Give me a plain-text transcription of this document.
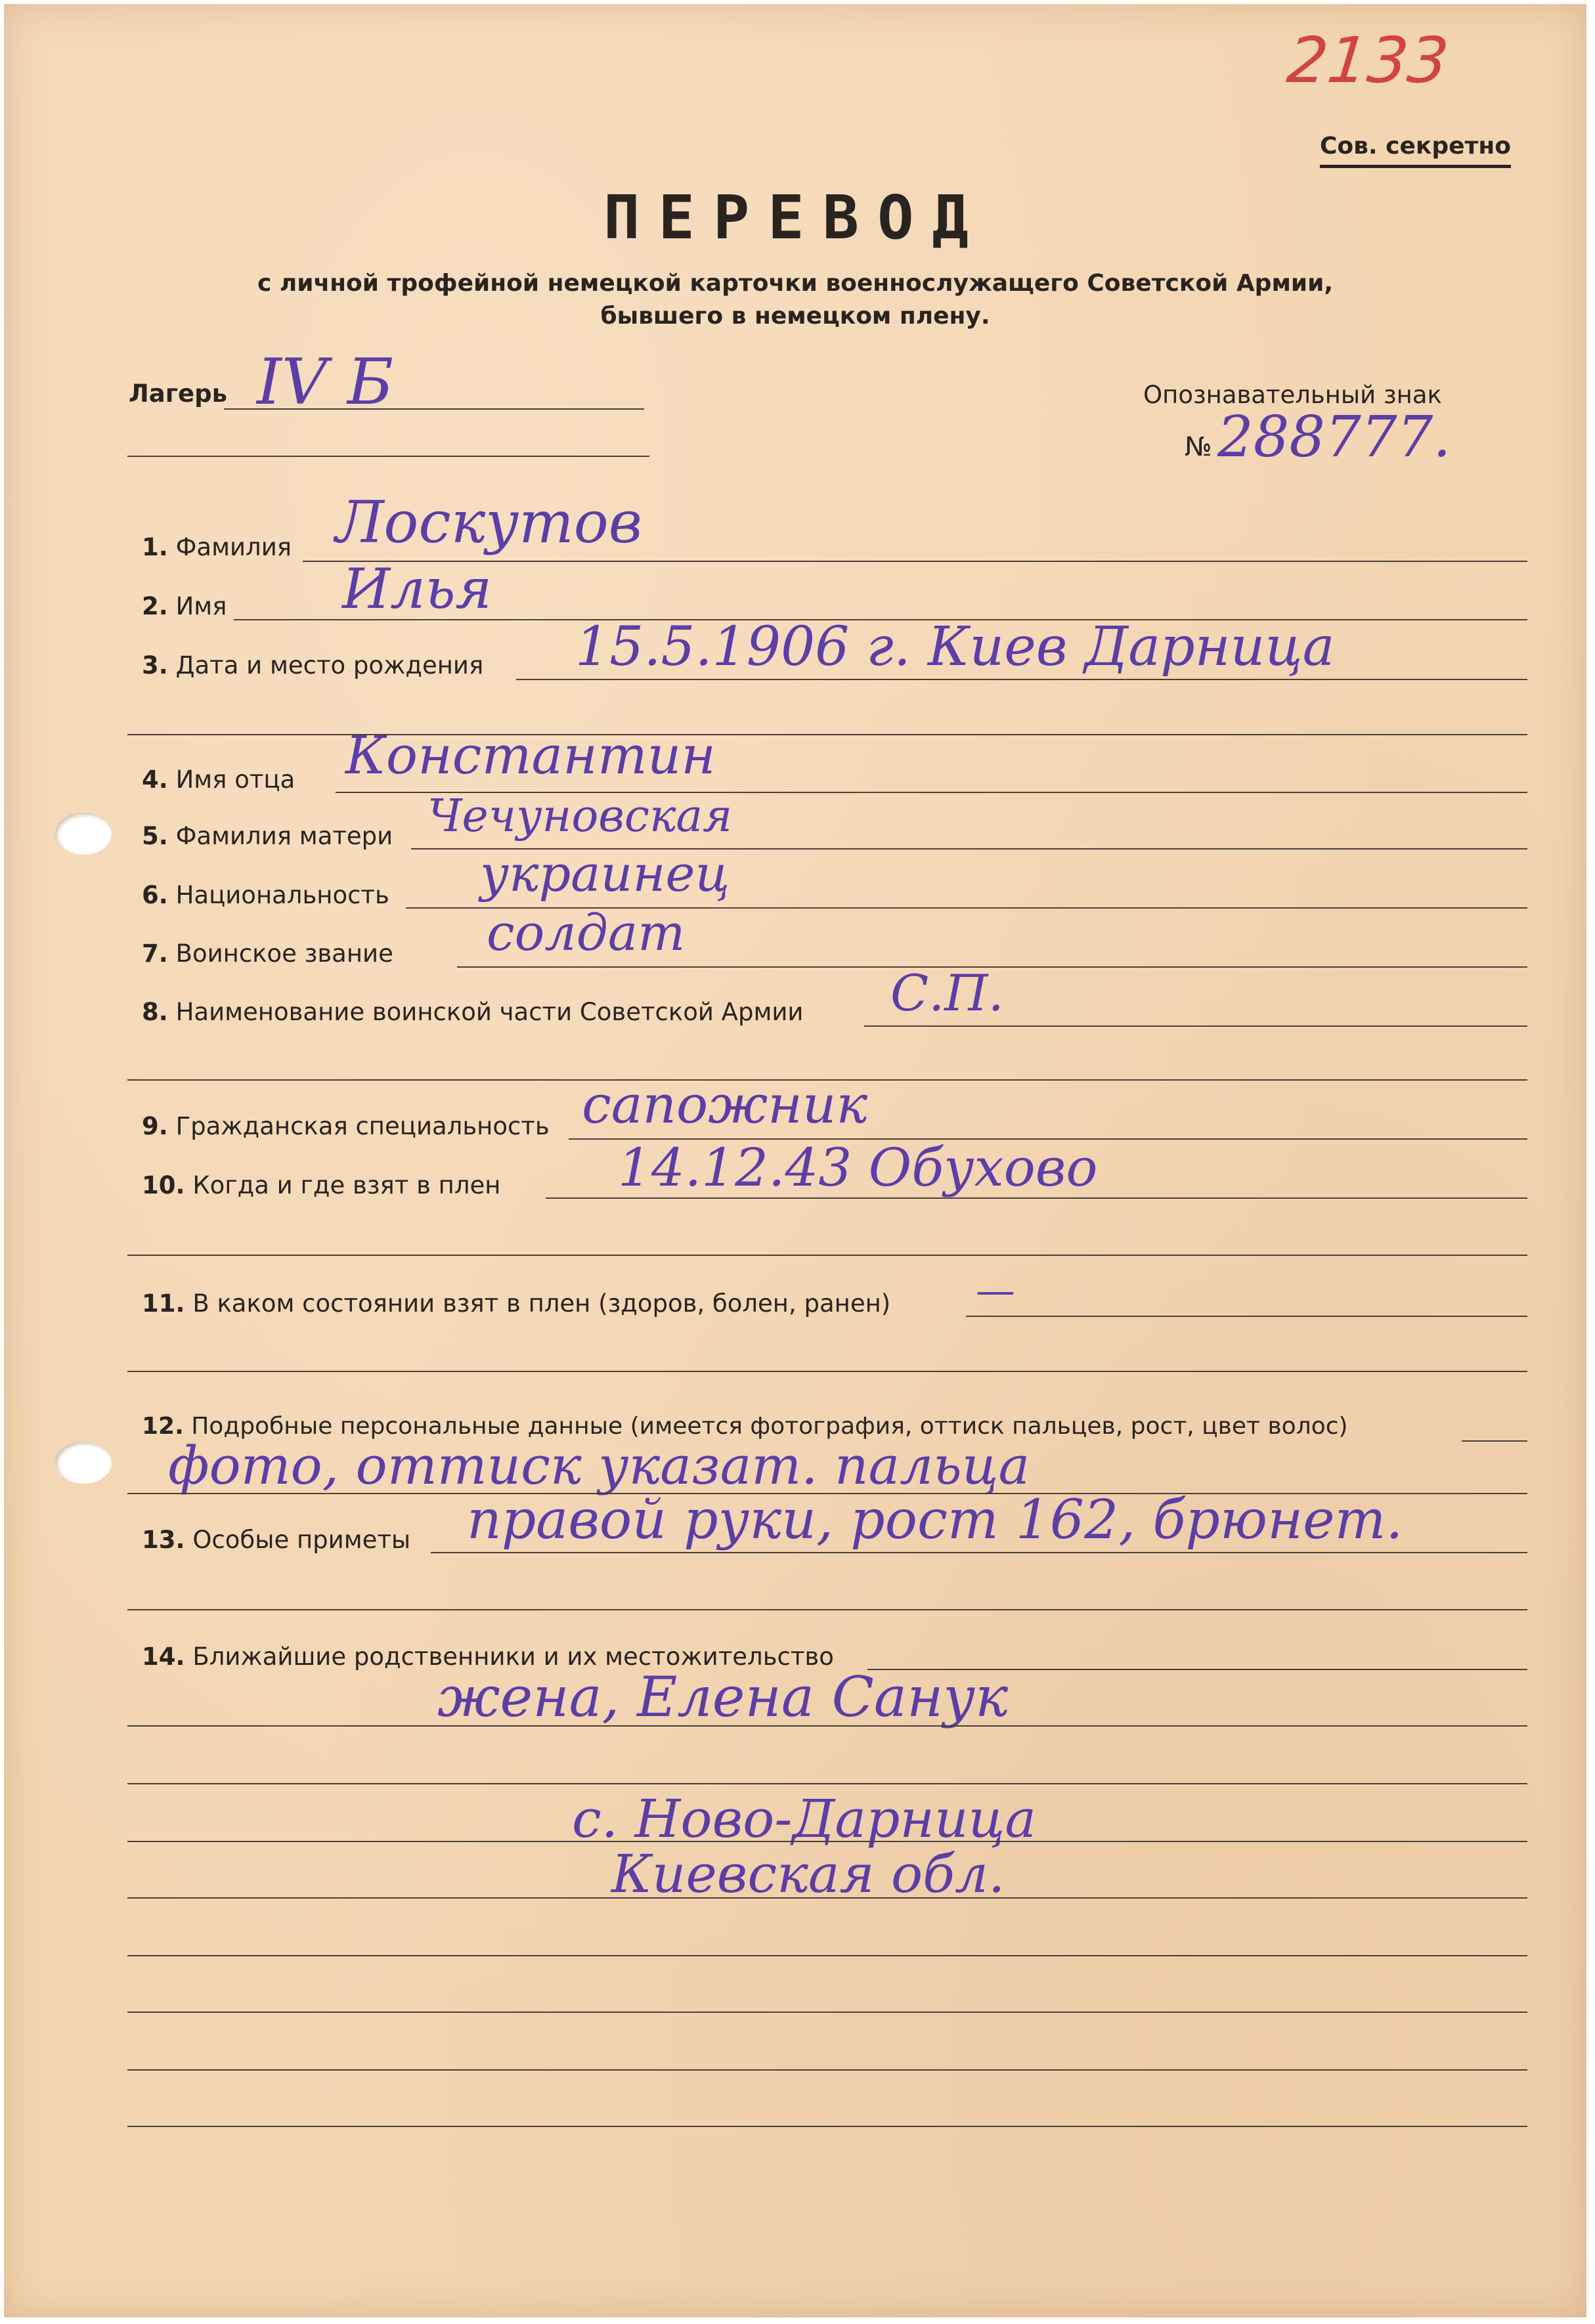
2133
Сов. секретно
ПЕРЕВОД
с личной трофейной немецкой карточки военнослужащего Советской Армии,
бывшего в немецком плену.
Лагерь IV Б	Опознавательный знак
№ 288777.
1. Фамилия Лоскутов
2. Имя Илья
3. Дата и место рождения 15.5.1906 г. Киев Дарница
4. Имя отца Константин
5. Фамилия матери Чечуновская
6. Национальность украинец
7. Воинское звание солдат
8. Наименование воинской части Советской Армии С.П.
9. Гражданская специальность сапожник
10. Когда и где взят в плен 14.12.43 Обухово
11. В каком состоянии взят в плен (здоров, болен, ранен) —
12. Подробные персональные данные (имеется фотография, оттиск пальцев, рост, цвет волос)
фото, оттиск указат. пальца
13. Особые приметы правой руки, рост 162, брюнет.
14. Ближайшие родственники и их местожительство
жена, Елена Санук
с. Ново-Дарница
Киевская обл.
